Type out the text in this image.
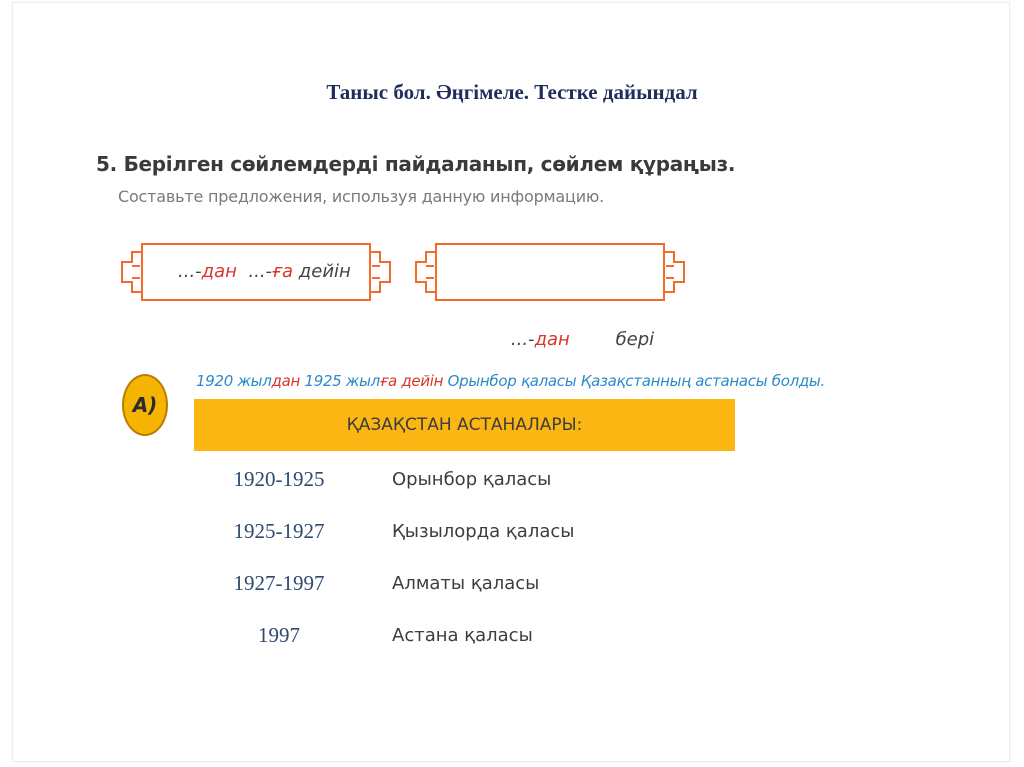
Таныс бол. Әңгімеле. Тестке дайындал
5. Берілген сөйлемдерді пайдаланып, сөйлем құраңыз.
Составьте предложения, используя данную информацию.
...-дан  ...-ға дейін

...-дан        бері

А)
1920 жылдан 1925 жылға дейін Орынбор қаласы Қазақстанның астанасы болды.
ҚАЗАҚСТАН АСТАНАЛАРЫ:
1920-1925	Орынбор қаласы
1925-1927	Қызылорда қаласы
1927-1997	Алматы қаласы
1997	Астана қаласы
